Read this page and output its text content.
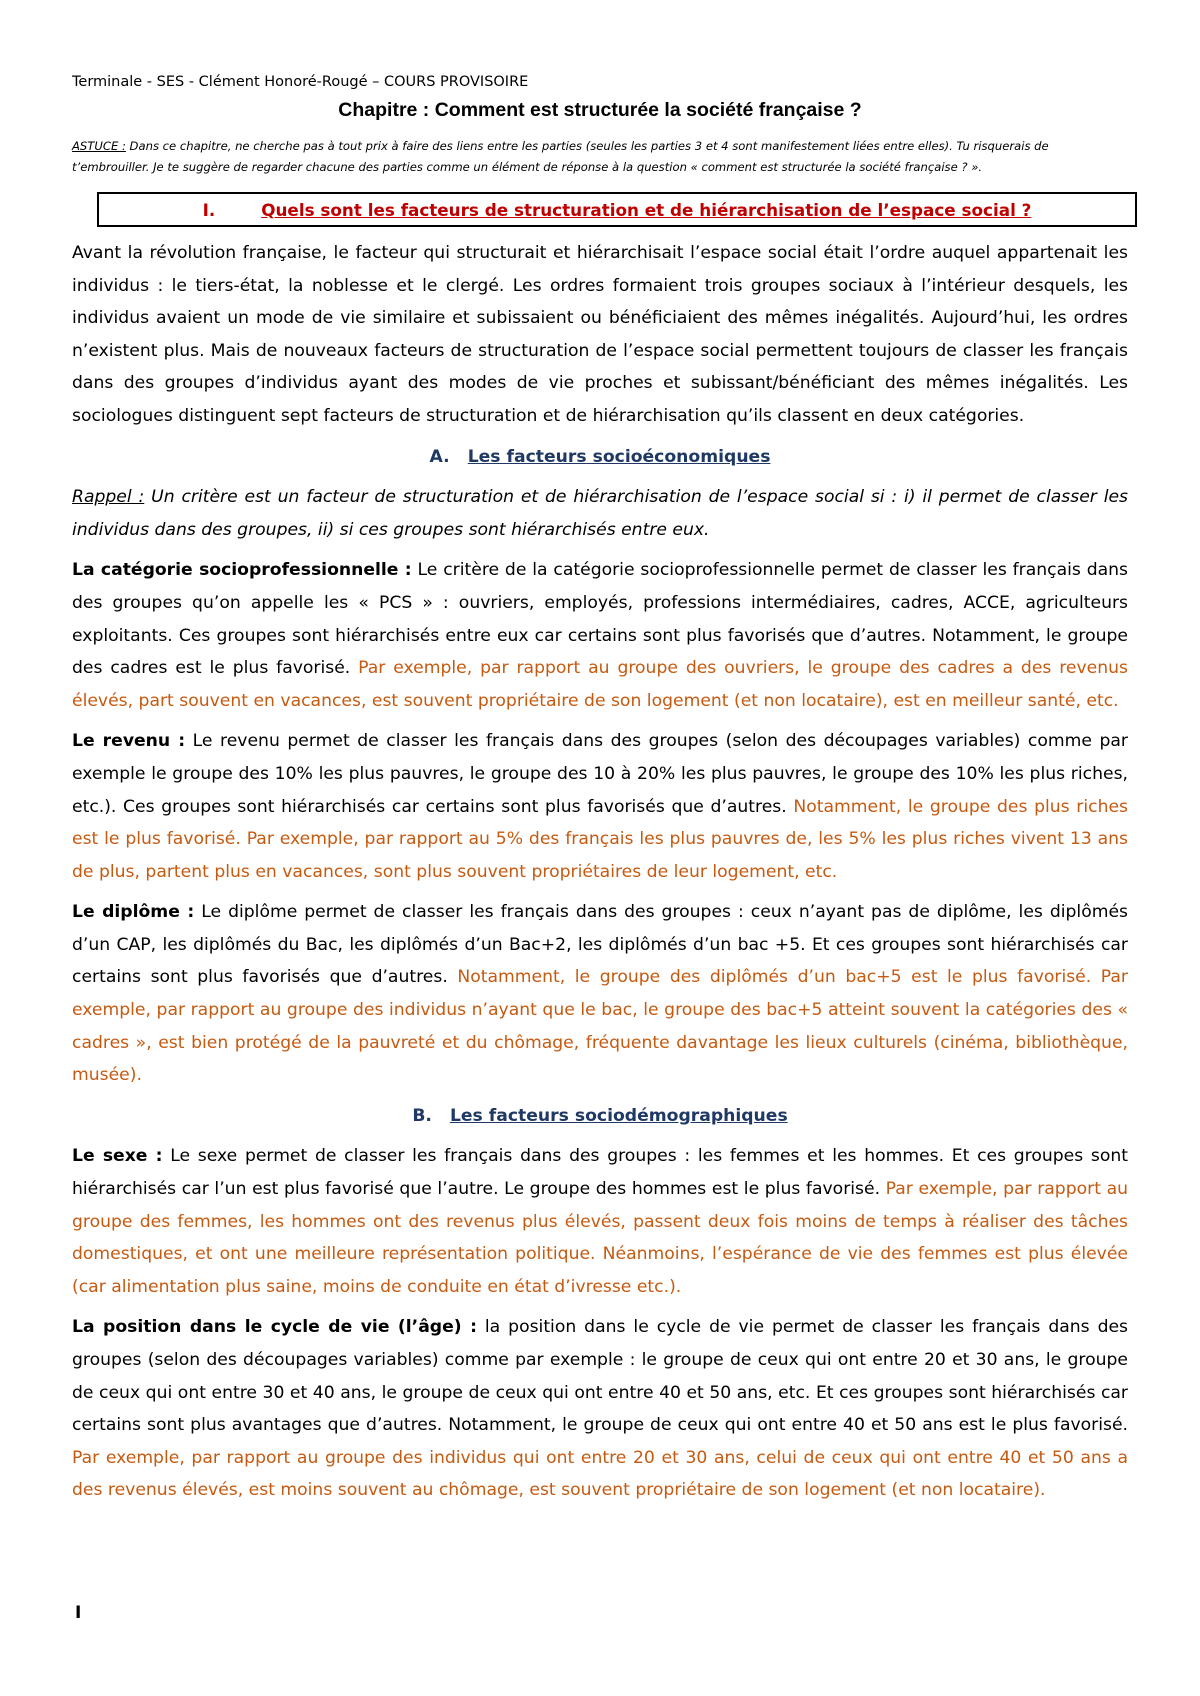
Terminale - SES - Clément Honoré-Rougé – COURS PROVISOIRE
Chapitre : Comment est structurée la société française ?
ASTUCE : Dans ce chapitre, ne cherche pas à tout prix à faire des liens entre les parties (seules les parties 3 et 4 sont manifestement liées entre elles). Tu risquerais de t’embrouiller. Je te suggère de regarder chacune des parties comme un élément de réponse à la question « comment est structurée la société française ? ».
I.	Quels sont les facteurs de structuration et de hiérarchisation de l’espace social ?

Avant la révolution française, le facteur qui structurait et hiérarchisait l’espace social était l’ordre auquel appartenait les individus : le tiers-état, la noblesse et le clergé. Les ordres formaient trois groupes sociaux à l’intérieur desquels, les individus avaient un mode de vie similaire et subissaient ou bénéficiaient des mêmes inégalités. Aujourd’hui, les ordres n’existent plus. Mais de nouveaux facteurs de structuration de l’espace social permettent toujours de classer les français dans des groupes d’individus ayant des modes de vie proches et subissant/bénéficiant des mêmes inégalités. Les sociologues distinguent sept facteurs de structuration et de hiérarchisation qu’ils classent en deux catégories.

A. Les facteurs socioéconomiques

Rappel : Un critère est un facteur de structuration et de hiérarchisation de l’espace social si : i) il permet de classer les individus dans des groupes, ii) si ces groupes sont hiérarchisés entre eux.

La catégorie socioprofessionnelle : Le critère de la catégorie socioprofessionnelle permet de classer les français dans des groupes qu’on appelle les « PCS » : ouvriers, employés, professions intermédiaires, cadres, ACCE, agriculteurs exploitants. Ces groupes sont hiérarchisés entre eux car certains sont plus favorisés que d’autres. Notamment, le groupe des cadres est le plus favorisé. Par exemple, par rapport au groupe des ouvriers, le groupe des cadres a des revenus élevés, part souvent en vacances, est souvent propriétaire de son logement (et non locataire), est en meilleur santé, etc.

Le revenu : Le revenu permet de classer les français dans des groupes (selon des découpages variables) comme par exemple le groupe des 10% les plus pauvres, le groupe des 10 à 20% les plus pauvres, le groupe des 10% les plus riches, etc.). Ces groupes sont hiérarchisés car certains sont plus favorisés que d’autres. Notamment, le groupe des plus riches est le plus favorisé. Par exemple, par rapport au 5% des français les plus pauvres de, les 5% les plus riches vivent 13 ans de plus, partent plus en vacances, sont plus souvent propriétaires de leur logement, etc.

Le diplôme : Le diplôme permet de classer les français dans des groupes : ceux n’ayant pas de diplôme, les diplômés d’un CAP, les diplômés du Bac, les diplômés d’un Bac+2, les diplômés d’un bac +5. Et ces groupes sont hiérarchisés car certains sont plus favorisés que d’autres. Notamment, le groupe des diplômés d’un bac+5 est le plus favorisé. Par exemple, par rapport au groupe des individus n’ayant que le bac, le groupe des bac+5 atteint souvent la catégories des « cadres », est bien protégé de la pauvreté et du chômage, fréquente davantage les lieux culturels (cinéma, bibliothèque, musée).

B. Les facteurs sociodémographiques

Le sexe : Le sexe permet de classer les français dans des groupes : les femmes et les hommes. Et ces groupes sont hiérarchisés car l’un est plus favorisé que l’autre. Le groupe des hommes est le plus favorisé. Par exemple, par rapport au groupe des femmes, les hommes ont des revenus plus élevés, passent deux fois moins de temps à réaliser des tâches domestiques, et ont une meilleure représentation politique. Néanmoins, l’espérance de vie des femmes est plus élevée (car alimentation plus saine, moins de conduite en état d’ivresse etc.).

La position dans le cycle de vie (l’âge) : la position dans le cycle de vie permet de classer les français dans des groupes (selon des découpages variables) comme par exemple : le groupe de ceux qui ont entre 20 et 30 ans, le groupe de ceux qui ont entre 30 et 40 ans, le groupe de ceux qui ont entre 40 et 50 ans, etc. Et ces groupes sont hiérarchisés car certains sont plus avantages que d’autres. Notamment, le groupe de ceux qui ont entre 40 et 50 ans est le plus favorisé. Par exemple, par rapport au groupe des individus qui ont entre 20 et 30 ans, celui de ceux qui ont entre 40 et 50 ans a des revenus élevés, est moins souvent au chômage, est souvent propriétaire de son logement (et non locataire).

I
